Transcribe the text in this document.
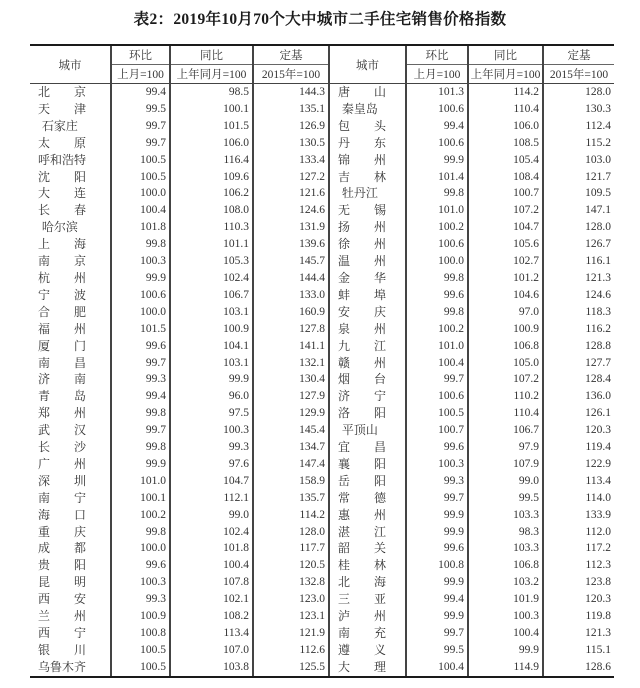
表2：2019年10月70个大中城市二手住宅销售价格指数
城市	环比	同比	定基	城市	环比	同比	定基
	上月=100	上年同月=100	2015年=100		上月=100	上年同月=100	2015年=100
北　　京	99.4	98.5	144.3	唐　　山	101.3	114.2	128.0
天　　津	99.5	100.1	135.1	秦皇岛	100.6	110.4	130.3
石家庄	99.7	101.5	126.9	包　　头	99.4	106.0	112.4
太　　原	99.7	106.0	130.5	丹　　东	100.6	108.5	115.2
呼和浩特	100.5	116.4	133.4	锦　　州	99.9	105.4	103.0
沈　　阳	100.5	109.6	127.2	吉　　林	101.4	108.4	121.7
大　　连	100.0	106.2	121.6	牡丹江	99.8	100.7	109.5
长　　春	100.4	108.0	124.6	无　　锡	101.0	107.2	147.1
哈尔滨	101.8	110.3	131.9	扬　　州	100.2	104.7	128.0
上　　海	99.8	101.1	139.6	徐　　州	100.6	105.6	126.7
南　　京	100.3	105.3	145.7	温　　州	100.0	102.7	116.1
杭　　州	99.9	102.4	144.4	金　　华	99.8	101.2	121.3
宁　　波	100.6	106.7	133.0	蚌　　埠	99.6	104.6	124.6
合　　肥	100.0	103.1	160.9	安　　庆	99.8	97.0	118.3
福　　州	101.5	100.9	127.8	泉　　州	100.2	100.9	116.2
厦　　门	99.6	104.1	141.1	九　　江	101.0	106.8	128.8
南　　昌	99.7	103.1	132.1	赣　　州	100.4	105.0	127.7
济　　南	99.3	99.9	130.4	烟　　台	99.7	107.2	128.4
青　　岛	99.4	96.0	127.9	济　　宁	100.6	110.2	136.0
郑　　州	99.8	97.5	129.9	洛　　阳	100.5	110.4	126.1
武　　汉	99.7	100.3	145.4	平顶山	100.7	106.7	120.3
长　　沙	99.8	99.3	134.7	宜　　昌	99.6	97.9	119.4
广　　州	99.9	97.6	147.4	襄　　阳	100.3	107.9	122.9
深　　圳	101.0	104.7	158.9	岳　　阳	99.3	99.0	113.4
南　　宁	100.1	112.1	135.7	常　　德	99.7	99.5	114.0
海　　口	100.2	99.0	114.2	惠　　州	99.9	103.3	133.9
重　　庆	99.8	102.4	128.0	湛　　江	99.9	98.3	112.0
成　　都	100.0	101.8	117.7	韶　　关	99.6	103.3	117.2
贵　　阳	99.6	100.4	120.5	桂　　林	100.8	106.8	112.3
昆　　明	100.3	107.8	132.8	北　　海	99.9	103.2	123.8
西　　安	99.3	102.1	123.0	三　　亚	99.4	101.9	120.3
兰　　州	100.9	108.2	123.1	泸　　州	99.9	100.3	119.8
西　　宁	100.8	113.4	121.9	南　　充	99.7	100.4	121.3
银　　川	100.5	107.0	112.6	遵　　义	99.5	99.9	115.1
乌鲁木齐	100.5	103.8	125.5	大　　理	100.4	114.9	128.6
